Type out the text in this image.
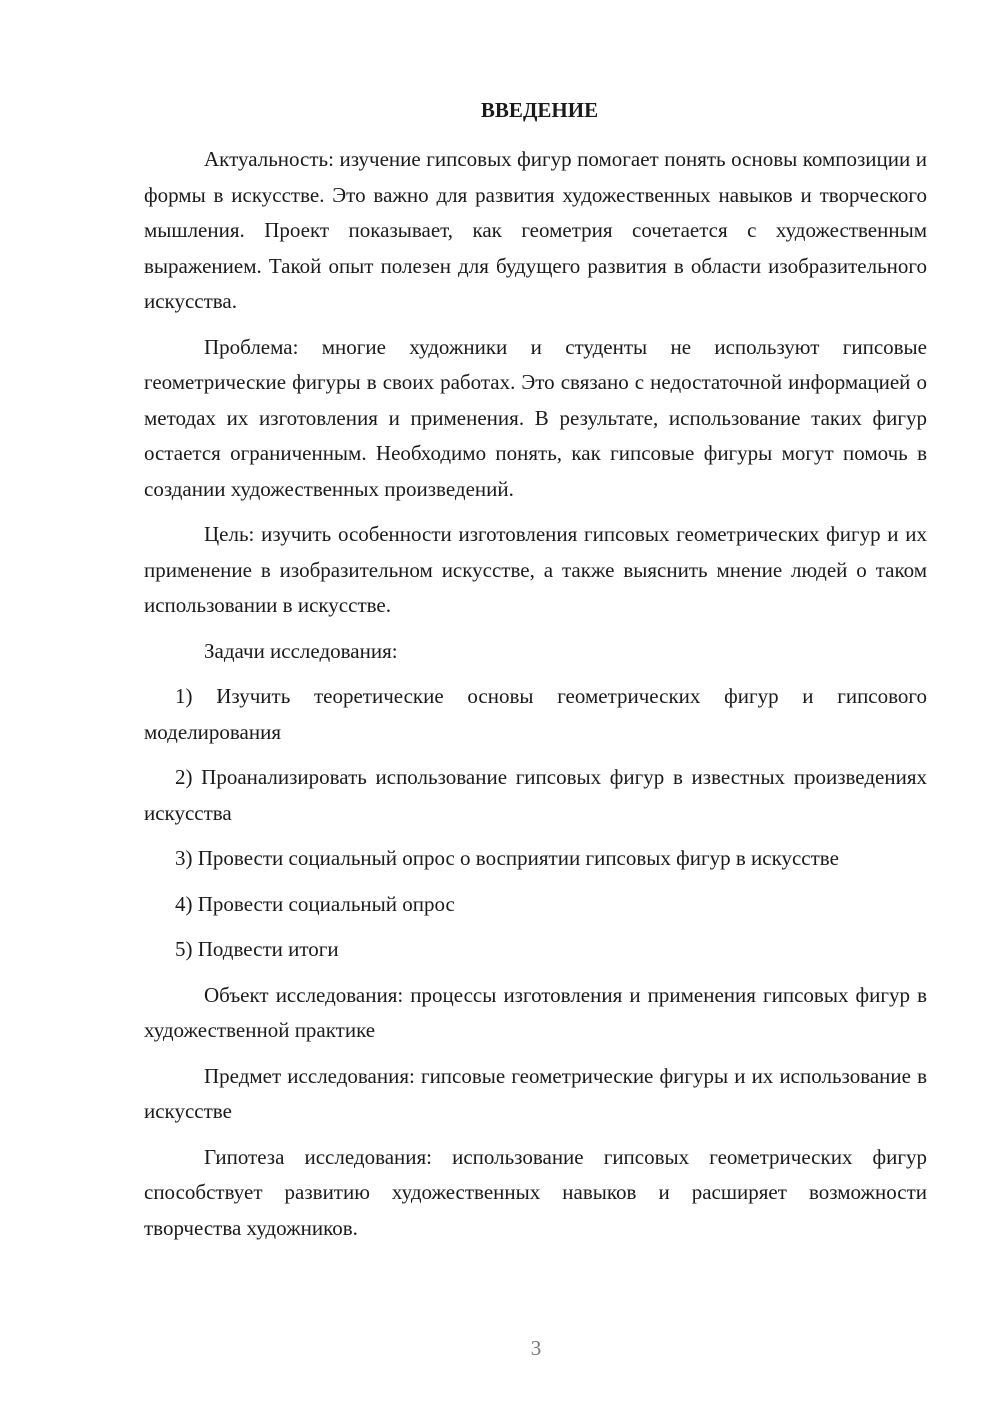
ВВЕДЕНИЕ

Актуальность: изучение гипсовых фигур помогает понять основы композиции и формы в искусстве. Это важно для развития художественных навыков и творческого мышления. Проект показывает, как геометрия сочетается с художественным выражением. Такой опыт полезен для будущего развития в области изобразительного искусства.

Проблема: многие художники и студенты не используют гипсовые геометрические фигуры в своих работах. Это связано с недостаточной информацией о методах их изготовления и применения. В результате, использование таких фигур остается ограниченным. Необходимо понять, как гипсовые фигуры могут помочь в создании художественных произведений.

Цель: изучить особенности изготовления гипсовых геометрических фигур и их применение в изобразительном искусстве, а также выяснить мнение людей о таком использовании в искусстве.

Задачи исследования:

1) Изучить теоретические основы геометрических фигур и гипсового моделирования

2) Проанализировать использование гипсовых фигур в известных произведениях искусства

3) Провести социальный опрос о восприятии гипсовых фигур в искусстве

4) Провести социальный опрос

5) Подвести итоги

Объект исследования: процессы изготовления и применения гипсовых фигур в художественной практике

Предмет исследования: гипсовые геометрические фигуры и их использование в искусстве

Гипотеза исследования: использование гипсовых геометрических фигур способствует развитию художественных навыков и расширяет возможности творчества художников.

3
